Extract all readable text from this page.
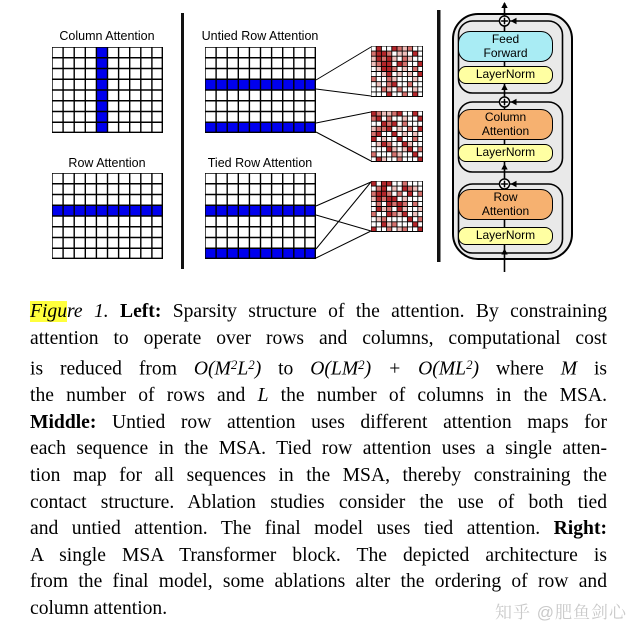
Column Attention	Untied Row Attention
Row Attention	Tied Row Attention
Feed
Forward
LayerNorm
Column
Attention
LayerNorm
Row
Attention
LayerNorm
Figure 1. Left: Sparsity structure of the attention. By constraining
attention to operate over rows and columns, computational cost
is reduced from $O(M^2L^2)$ to $O(LM^2) + O(ML^2)$ where M is
the number of rows and L the number of columns in the MSA.
Middle: Untied row attention uses different attention maps for
each sequence in the MSA. Tied row attention uses a single atten-
tion map for all sequences in the MSA, thereby constraining the
contact structure. Ablation studies consider the use of both tied
and untied attention. The final model uses tied attention. Right:
A single MSA Transformer block. The depicted architecture is
from the final model, some ablations alter the ordering of row and
column attention.	知乎 @肥鱼剑心
